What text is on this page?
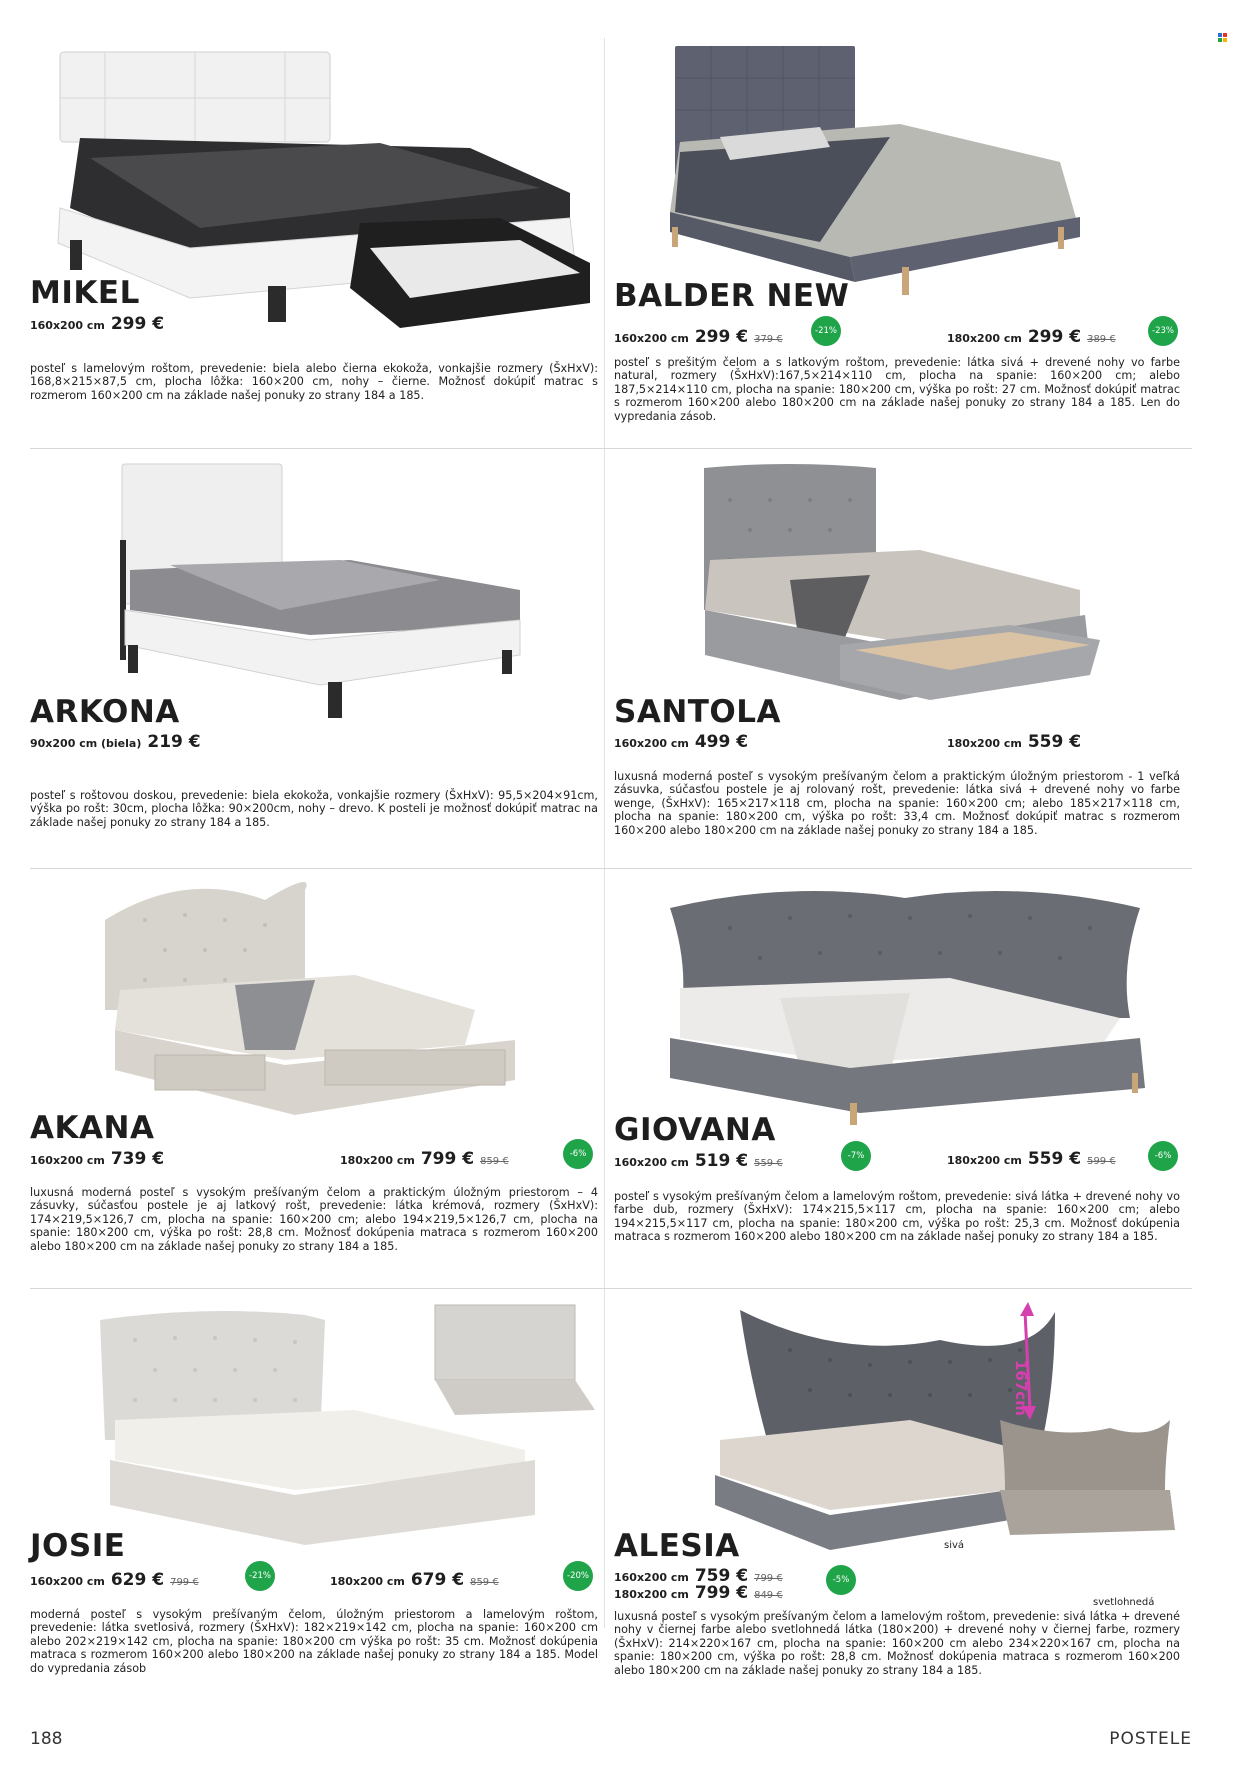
MIKEL
160x200 cm 299 €
posteľ s lamelovým roštom, prevedenie: biela alebo čierna ekokoža, vonkajšie rozmery (ŠxHxV): 168,8×215×87,5 cm, plocha lôžka: 160×200 cm, nohy – čierne. Možnosť dokúpiť matrac s rozmerom 160×200 cm na základe našej ponuky zo strany 184 a 185.
BALDER NEW
160x200 cm 299 € 379 €
-21%
180x200 cm 299 € 389 €
-23%
posteľ s prešitým čelom a s latkovým roštom, prevedenie: látka sivá + drevené nohy vo farbe natural, rozmery (ŠxHxV):167,5×214×110 cm, plocha na spanie: 160×200 cm; alebo 187,5×214×110 cm, plocha na spanie: 180×200 cm, výška po rošt: 27 cm. Možnosť dokúpiť matrac s rozmerom 160×200 alebo 180×200 cm na základe našej ponuky zo strany 184 a 185. Len do vypredania zásob.
ARKONA
90x200 cm (biela) 219 €
posteľ s roštovou doskou, prevedenie: biela ekokoža, vonkajšie rozmery (ŠxHxV): 95,5×204×91cm, výška po rošt: 30cm, plocha lôžka: 90×200cm, nohy – drevo. K posteli je možnosť dokúpiť matrac na základe našej ponuky zo strany 184 a 185.
SANTOLA
160x200 cm 499 €	180x200 cm 559 €
luxusná moderná posteľ s vysokým prešívaným čelom a praktickým úložným priestorom - 1 veľká zásuvka, súčasťou postele je aj rolovaný rošt, prevedenie: látka sivá + drevené nohy vo farbe wenge, (ŠxHxV): 165×217×118 cm, plocha na spanie: 160×200 cm; alebo 185×217×118 cm, plocha na spanie: 180×200 cm, výška po rošt: 33,4 cm. Možnosť dokúpiť matrac s rozmerom 160×200 alebo 180×200 cm na základe našej ponuky zo strany 184 a 185.
AKANA
160x200 cm 739 €	180x200 cm 799 € 859 €
-6%
luxusná moderná posteľ s vysokým prešívaným čelom a praktickým úložným priestorom – 4 zásuvky, súčasťou postele je aj latkový rošt, prevedenie: látka krémová, rozmery (ŠxHxV): 174×219,5×126,7 cm, plocha na spanie: 160×200 cm; alebo 194×219,5×126,7 cm, plocha na spanie: 180×200 cm, výška po rošt: 28,8 cm. Možnosť dokúpenia matraca s rozmerom 160×200 alebo 180×200 cm na základe našej ponuky zo strany 184 a 185.
GIOVANA
160x200 cm 519 € 559 €
-7%	180x200 cm 559 € 599 €	-6%
posteľ s vysokým prešívaným čelom a lamelovým roštom, prevedenie: sivá látka + drevené nohy vo farbe dub, rozmery (ŠxHxV): 174×215,5×117 cm, plocha na spanie: 160×200 cm; alebo 194×215,5×117 cm, plocha na spanie: 180×200 cm, výška po rošt: 25,3 cm. Možnosť dokúpenia matraca s rozmerom 160×200 alebo 180×200 cm na základe našej ponuky zo strany 184 a 185.
JOSIE
160x200 cm 629 € 799 €
-21%	180x200 cm 679 € 859 €
-20%
moderná posteľ s vysokým prešívaným čelom, úložným priestorom a lamelovým roštom, prevedenie: látka svetlosivá, rozmery (ŠxHxV): 182×219×142 cm, plocha na spanie: 160×200 cm alebo 202×219×142 cm, plocha na spanie: 180×200 cm výška po rošt: 35 cm. Možnosť dokúpenia matraca s rozmerom 160×200 alebo 180×200 na základe našej ponuky zo strany 184 a 185. Model do vypredania zásob
167cm
sivá
svetlohnedá
ALESIA
160x200 cm 759 € 799 €
180x200 cm 799 € 849 €
-5%
luxusná posteľ s vysokým prešívaným čelom a lamelovým roštom, prevedenie: sivá látka + drevené nohy v čiernej farbe alebo svetlohnedá látka (180×200) + drevené nohy v čiernej farbe, rozmery (ŠxHxV): 214×220×167 cm, plocha na spanie: 160×200 cm alebo 234×220×167 cm, plocha na spanie: 180×200 cm, výška po rošt: 28,8 cm. Možnosť dokúpenia matraca s rozmerom 160×200 alebo 180×200 cm na základe našej ponuky zo strany 184 a 185.
188	POSTELE
